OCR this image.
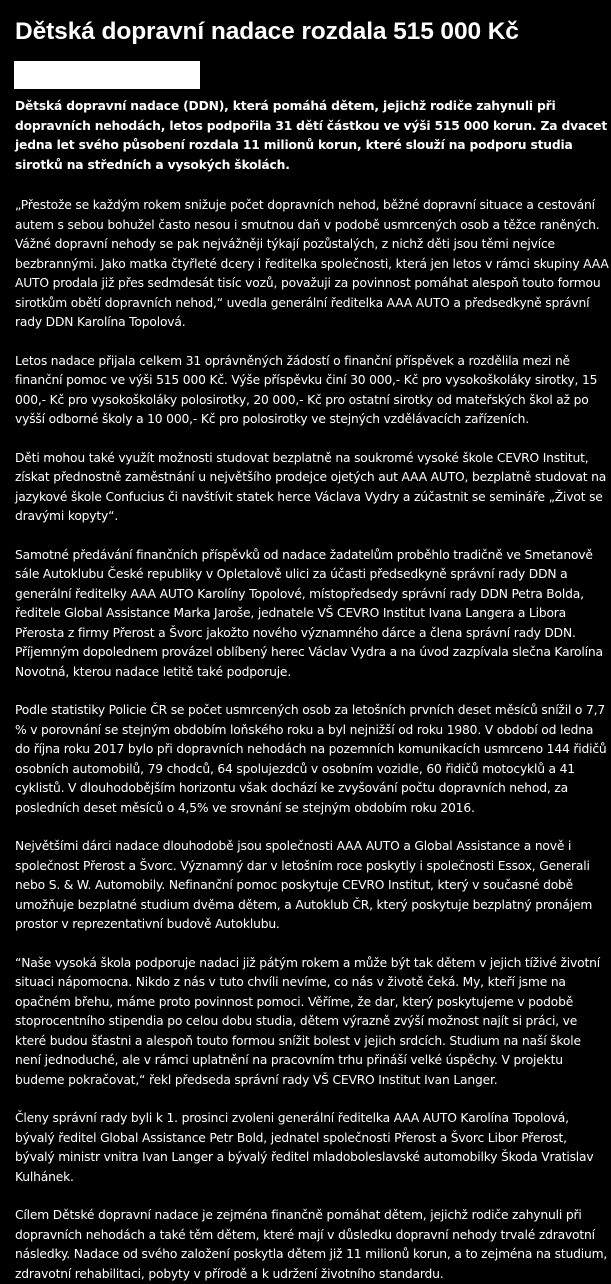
Dětská dopravní nadace rozdala 515 000 Kč

Dětská dopravní nadace (DDN), která pomáhá dětem, jejichž rodiče zahynuli při dopravních nehodách, letos podpořila 31 dětí částkou ve výši 515 000 korun. Za dvacet jedna let svého působení rozdala 11 milionů korun, které slouží na podporu studia sirotků na středních a vysokých školách.

„Přestože se každým rokem snižuje počet dopravních nehod, běžné dopravní situace a cestování autem s sebou bohužel často nesou i smutnou daň v podobě usmrcených osob a těžce raněných. Vážné dopravní nehody se pak nejvážněji týkají pozůstalých, z nichž děti jsou těmi nejvíce bezbrannými. Jako matka čtyřleté dcery i ředitelka společnosti, která jen letos v rámci skupiny AAA AUTO prodala již přes sedmdesát tisíc vozů, považuji za povinnost pomáhat alespoň touto formou sirotkům obětí dopravních nehod,“ uvedla generální ředitelka AAA AUTO a předsedkyně správní rady DDN Karolína Topolová.

Letos nadace přijala celkem 31 oprávněných žádostí o finanční příspěvek a rozdělila mezi ně finanční pomoc ve výši 515 000 Kč. Výše příspěvku činí 30 000,- Kč pro vysokoškoláky sirotky, 15 000,- Kč pro vysokoškoláky polosirotky, 20 000,- Kč pro ostatní sirotky od mateřských škol až po vyšší odborné školy a 10 000,- Kč pro polosirotky ve stejných vzdělávacích zařízeních.

Děti mohou také využít možnosti studovat bezplatně na soukromé vysoké škole CEVRO Institut, získat přednostně zaměstnání u největšího prodejce ojetých aut AAA AUTO, bezplatně studovat na jazykové škole Confucius či navštívit statek herce Václava Vydry a zúčastnit se semináře „Život se dravými kopyty“.

Samotné předávání finančních příspěvků od nadace žadatelům proběhlo tradičně ve Smetanově sále Autoklubu České republiky v Opletalově ulici za účasti předsedkyně správní rady DDN a generální ředitelky AAA AUTO Karolíny Topolové, místopředsedy správní rady DDN Petra Bolda, ředitele Global Assistance Marka Jaroše, jednatele VŠ CEVRO Institut Ivana Langera a Libora Přerosta z firmy Přerost a Švorc jakožto nového významného dárce a člena správní rady DDN. Příjemným dopolednem provázel oblíbený herec Václav Vydra a na úvod zazpívala slečna Karolína Novotná, kterou nadace letitě také podporuje.

Podle statistiky Policie ČR se počet usmrcených osob za letošních prvních deset měsíců snížil o 7,7 % v porovnání se stejným obdobím loňského roku a byl nejnižší od roku 1980. V období od ledna do října roku 2017 bylo při dopravních nehodách na pozemních komunikacích usmrceno 144 řidičů osobních automobilů, 79 chodců, 64 spolujezdců v osobním vozidle, 60 řidičů motocyklů a 41 cyklistů. V dlouhodobějším horizontu však dochází ke zvyšování počtu dopravních nehod, za posledních deset měsíců o 4,5% ve srovnání se stejným obdobím roku 2016.

Největšími dárci nadace dlouhodobě jsou společnosti AAA AUTO a Global Assistance a nově i společnost Přerost a Švorc. Významný dar v letošním roce poskytly i společnosti Essox, Generali nebo S. & W. Automobily. Nefinanční pomoc poskytuje CEVRO Institut, který v současné době umožňuje bezplatné studium dvěma dětem, a Autoklub ČR, který poskytuje bezplatný pronájem prostor v reprezentativní budově Autoklubu.

“Naše vysoká škola podporuje nadaci již pátým rokem a může být tak dětem v jejich tíživé životní situaci nápomocna. Nikdo z nás v tuto chvíli nevíme, co nás v životě čeká. My, kteří jsme na opačném břehu, máme proto povinnost pomoci. Věříme, že dar, který poskytujeme v podobě stoprocentního stipendia po celou dobu studia, dětem výrazně zvýší možnost najít si práci, ve které budou šťastni a alespoň touto formou snížit bolest v jejich srdcích. Studium na naší škole není jednoduché, ale v rámci uplatnění na pracovním trhu přináší velké úspěchy. V projektu budeme pokračovat,“ řekl předseda správní rady VŠ CEVRO Institut Ivan Langer.

Členy správní rady byli k 1. prosinci zvoleni generální ředitelka AAA AUTO Karolína Topolová, bývalý ředitel Global Assistance Petr Bold, jednatel společnosti Přerost a Švorc Libor Přerost, bývalý ministr vnitra Ivan Langer a bývalý ředitel mladoboleslavské automobilky Škoda Vratislav Kulhánek.

Cílem Dětské dopravní nadace je zejména finančně pomáhat dětem, jejichž rodiče zahynuli při dopravních nehodách a také těm dětem, které mají v důsledku dopravní nehody trvalé zdravotní následky. Nadace od svého založení poskytla dětem již 11 milionů korun, a to zejména na studium, zdravotní rehabilitaci, pobyty v přírodě a k udržení životního standardu.
